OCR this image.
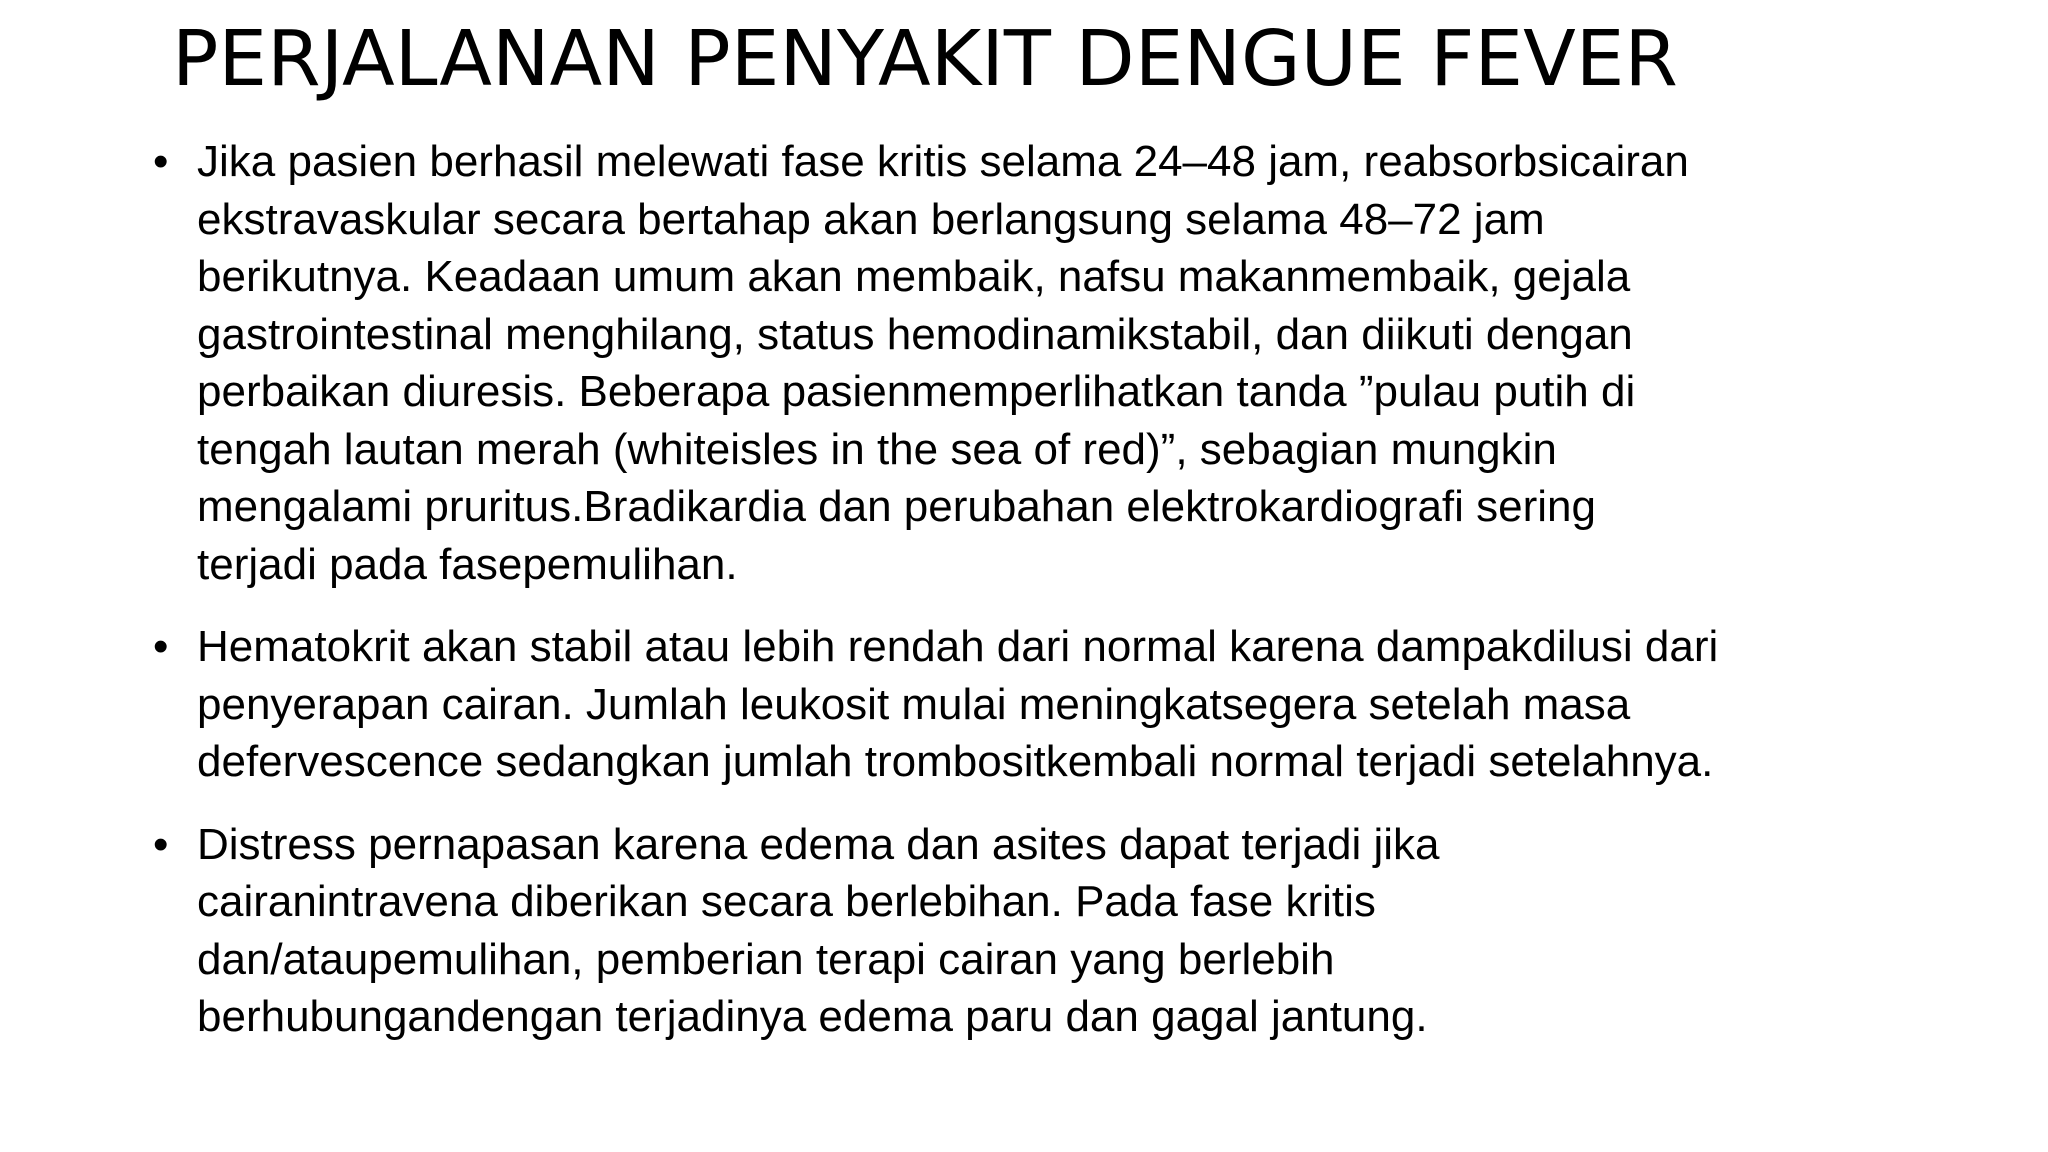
PERJALANAN PENYAKIT DENGUE FEVER
• Jika pasien berhasil melewati fase kritis selama 24–48 jam, reabsorbsicairan
ekstravaskular secara bertahap akan berlangsung selama 48–72 jam
berikutnya. Keadaan umum akan membaik, nafsu makanmembaik, gejala
gastrointestinal menghilang, status hemodinamikstabil, dan diikuti dengan
perbaikan diuresis. Beberapa pasienmemperlihatkan tanda ”pulau putih di
tengah lautan merah (whiteisles in the sea of red)”, sebagian mungkin
mengalami pruritus.Bradikardia dan perubahan elektrokardiografi sering
terjadi pada fasepemulihan.
• Hematokrit akan stabil atau lebih rendah dari normal karena dampakdilusi dari
penyerapan cairan. Jumlah leukosit mulai meningkatsegera setelah masa
defervescence sedangkan jumlah trombositkembali normal terjadi setelahnya.
• Distress pernapasan karena edema dan asites dapat terjadi jika
cairanintravena diberikan secara berlebihan. Pada fase kritis
dan/ataupemulihan, pemberian terapi cairan yang berlebih
berhubungandengan terjadinya edema paru dan gagal jantung.
